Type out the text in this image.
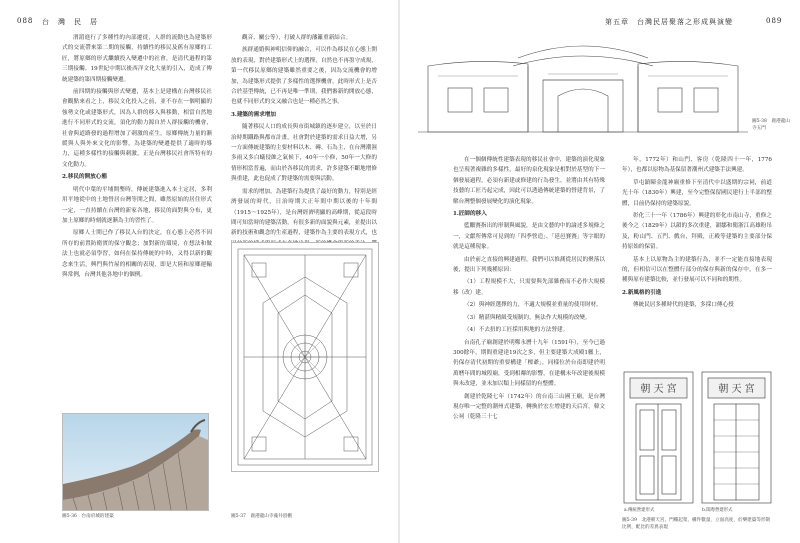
088 台　灣　民　居

渭湄進行了多種性的內部遷徙，人群的流動也為建築形式的交流帶來第二期的接觸，持續性的移民及舊有原鄉的工匠，將原鄉的形式繼續投入變遷中的社會，是清代過程的第三期接觸。19世紀中期以後西洋文化大量的引入，造成了傳統建築的第四期接觸變遷。

前四期的接觸與形式變遷，基本上是建構在台灣移民社會觀點來看之上，移民文化投入之前，並不存在一個明顯的強勢文化或建築形式，因為人群的移入與移動，相當自然地進行不同形式的交流，須化的動力源自於人群接觸的機會，社會與道路發的過程增加了刺激的產生。原鄉傳統力量的漸緩與人與外來文化的影響，為建築的變遷提供了適時的導力，這種多樣性的接觸與刺激，正是台灣移民社會所特有的文化動力。

2.移民的開放心態

明代中葉的平埔開墾時，傳統建築進入本土定居，多利用平地從中的土地營居台灣等開之間，雖然原始的居住形式一定，一直持續在台灣的新家各地，移民的面對與分布，更加上原鄉的時刻就逐漸為主的習性了。

原鄉人士開已作了移民入台的決定，在心態上必然不因所存的前置防衛實的保守觀念；加對新的環境，在想法和做法上也就必須學習，如何在保持傳統的中時，又得以新的觀念來生活，興門與竹屋的相關的表現，即是大陸和原鄉運輸與常例，台灣其他各地中的個例。

觀音、關公等），打破人群的藩籬重新結合。

族群通婚與神明信仰的融合，可以作為移民在心態上開放的表現，對於建築形式上的選擇，自然也不再墨守成規，第一代移民原鄉的建築雖然重要之後，因為交流機會的增加，為建築形式提供了多樣性的選擇機會，此時形式上是否合於基型傳統，已不再是唯一準則，我們審新的開放心態，也就不同形式的交又融合也是一種必然之事。

3.建築的需求增加

隨著移民人口的成長與市街城鎮的逐步建立，以至於日治時期鐵路與都市計畫，社會對於建築的需求日益大增，另一方面傳統建築的主要材料以木、磚、石為主，在台灣潮濕多雨又多白蟻侵蝕之氣候下，40年一小修，50年一大修的情形相當普遍，而由於各移民的需求，許多建築不斷地增修與重建，此也促成了對建築的需要與活動。

需求的增加，為建築行為提供了最好的動力，特別是經濟發展的時代，日治時期大正年間中期以後的十年間（1915〜1925年），是台灣經濟明顯的高峰期，從這段時間可知當時的建築活動，有很多新的面貌與元素，並提出以新的技術和觀念的生產過程，建築作為主要的表現方式，也

圖5-36　台南府城的建築	圖5-37　鹿港龍山寺藻井頂棚
第五章　台灣民居聚落之形成與演變	089
圖5-38　鹿港龍山寺五門

在一個個傳統性建築表現的移民社會中，建築的演化現象也呈現著複雜的多樣性，最好的泉化現象是相對於基型的下一個發展過程，必須有新建或修建的行為發生，並將由其有特殊技藝的工匠乃起完成，因此可以透過傳統建築的營建背景，了解台灣整個發展變化的演化現象。

1.匠師的移入

藍鵬賽指出的形制與風貌，是由文藝的中的論述多規條之一，文獻所傳常可見到的「四季營造」、「延邑賽賽」等字眼的就是這種現象。

由於前之直接的興建過程，我們可以推測從居民的聚落以後，提出下列幾種原因：

（1）工程規模不大，只需要與先部雜務而不必作大規模移（改）建。

（2）與神經選擇的力，不適大規模並重量的使用財材。

（3）精湛與精級受規制約，無法作大規模的改變。

（4）不去扭的工匠採用與地的方法營建。

台南孔子廟創建於明鄭永曆十九年（1591年），至今已過300餘年，期間重建達19次之多，但主要建築大成殿1艦上，仍保存清代初期的重要構建「檁爺」，同樣位於台南即建於明萬曆年間的城隍廟，受到相鄰的影響，在建構未年改建後規模與未改建，並未加以類上同樣留的有整體。

創建於乾隆七年（1742年）的台南三山國王廟，是台灣現存唯一完整的潮州式建築，轉換於宏左增建的天后宮，韓文公祠（乾隆三十七

年，1772年）和山門、客房（乾隆四十一年，1776年），也都以原物為基保留著潮州式建築手法興建。

草屯鎮陳金龍神廟重修下至清代中以盛期的宗祠，前道光十年（1830年）興建，至今完整保留國民建行上半部的整體，目前仍保持的建築原貌。

彰化三十一年（1786年）興建的彰化市南山寺，重修之後今之（1829年）以韻的多次重建，韻鄒和衛浙江高雄粉吊及，粉山門、五門、戲台，拜殿，正殿等建築的主要部分保持原始的保留。

基本上以原物為主的建築行為，並不一定能直接地表現的，但相信可以在整體行部分的保存與新的保存中，在多一種與原有建築比較，並行發展可以不同和的期性。

2.新風格的引進

傳統民居多種時代的建築，多採口傳心授

朝 天 宮	朝 天 宮
a.傳統營建形式	b.閩粵營建形式
圖5-39　北港朝天宮、門樓起架、構件數量，立面高度，於樂建築等形制比例，配比的差異表現
